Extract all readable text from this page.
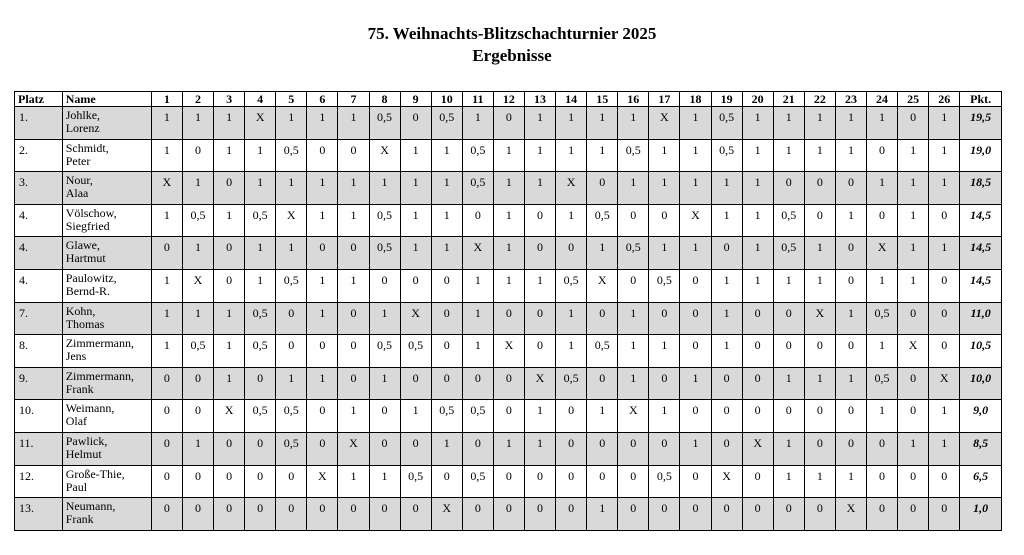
75. Weihnachts-Blitzschachturnier 2025
Ergebnisse
Platz	Name	1	2	3	4	5	6	7	8	9	10	11	12	13	14	15	16	17	18	19	20	21	22	23	24	25	26	Pkt.
1.	Johlke,
Lorenz	1	1	1	X	1	1	1	0,5	0	0,5	1	0	1	1	1	1	X	1	0,5	1	1	1	1	1	0	1	19,5
2.	Schmidt,
Peter	1	0	1	1	0,5	0	0	X	1	1	0,5	1	1	1	1	0,5	1	1	0,5	1	1	1	1	0	1	1	19,0
3.	Nour,
Alaa	X	1	0	1	1	1	1	1	1	1	0,5	1	1	X	0	1	1	1	1	1	0	0	0	1	1	1	18,5
4.	Völschow,
Siegfried	1	0,5	1	0,5	X	1	1	0,5	1	1	0	1	0	1	0,5	0	0	X	1	1	0,5	0	1	0	1	0	14,5
4.	Glawe,
Hartmut	0	1	0	1	1	0	0	0,5	1	1	X	1	0	0	1	0,5	1	1	0	1	0,5	1	0	X	1	1	14,5
4.	Paulowitz,
Bernd-R.	1	X	0	1	0,5	1	1	0	0	0	1	1	1	0,5	X	0	0,5	0	1	1	1	1	0	1	1	0	14,5
7.	Kohn,
Thomas	1	1	1	0,5	0	1	0	1	X	0	1	0	0	1	0	1	0	0	1	0	0	X	1	0,5	0	0	11,0
8.	Zimmermann,
Jens	1	0,5	1	0,5	0	0	0	0,5	0,5	0	1	X	0	1	0,5	1	1	0	1	0	0	0	0	1	X	0	10,5
9.	Zimmermann,
Frank	0	0	1	0	1	1	0	1	0	0	0	0	X	0,5	0	1	0	1	0	0	1	1	1	0,5	0	X	10,0
10.	Weimann,
Olaf	0	0	X	0,5	0,5	0	1	0	1	0,5	0,5	0	1	0	1	X	1	0	0	0	0	0	0	1	0	1	9,0
11.	Pawlick,
Helmut	0	1	0	0	0,5	0	X	0	0	1	0	1	1	0	0	0	0	1	0	X	1	0	0	0	1	1	8,5
12.	Große-Thie,
Paul	0	0	0	0	0	X	1	1	0,5	0	0,5	0	0	0	0	0	0,5	0	X	0	1	1	1	0	0	0	6,5
13.	Neumann,
Frank	0	0	0	0	0	0	0	0	0	X	0	0	0	0	1	0	0	0	0	0	0	0	X	0	0	0	1,0
